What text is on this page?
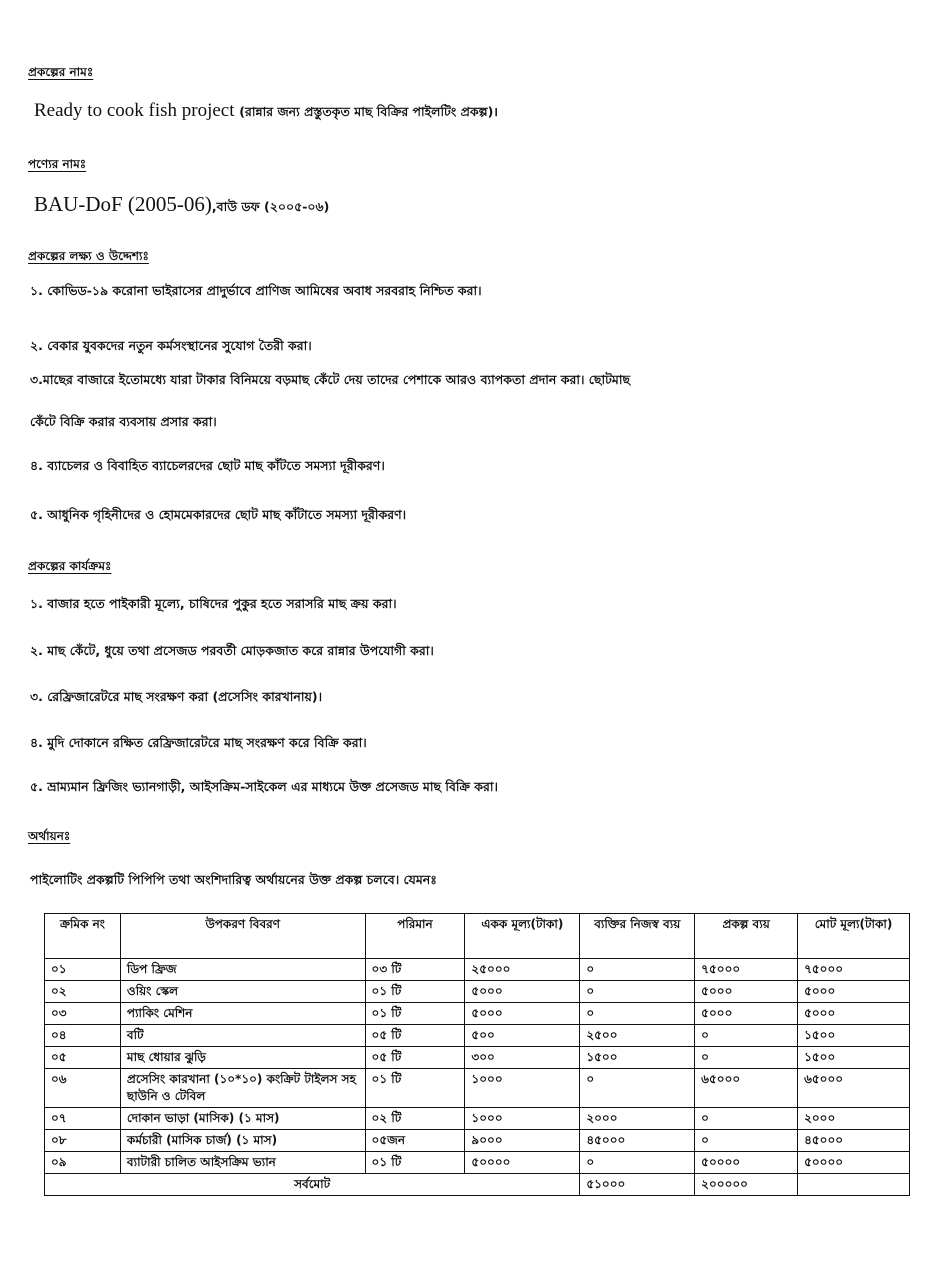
প্রকল্পের নামঃ
Ready to cook fish project (রান্নার জন্য প্রস্তুতকৃত মাছ বিক্রির পাইলটিং প্রকল্প)।
পণ্যের নামঃ
BAU-DoF (2005-06),বাউ ডফ (২০০৫-০৬)
প্রকল্পের লক্ষ্য ও উদ্দেশ্যঃ
১. কোভিড-১৯ করোনা ভাইরাসের প্রাদুর্ভাবে প্রাণিজ আমিষের অবাধ সরবরাহ নিশ্চিত করা।
২. বেকার যুবকদের নতুন কর্মসংস্থানের সুযোগ তৈরী করা।
৩.মাছের বাজারে ইতোমধ্যে যারা টাকার বিনিময়ে বড়মাছ কেঁটে দেয় তাদের পেশাকে আরও ব্যাপকতা প্রদান করা। ছোটমাছ
কেঁটে বিক্রি করার ব্যবসায় প্রসার করা।
৪. ব্যাচেলর ও বিবাহিত ব্যাচেলরদের ছোট মাছ কাঁটতে সমস্যা দূরীকরণ।
৫. আধুনিক গৃহিনীদের ও হোমমেকারদের ছোট মাছ কাঁটাতে সমস্যা দূরীকরণ।
প্রকল্পের কার্যক্রমঃ
১. বাজার হতে পাইকারী মূল্যে, চাষিদের পুকুর হতে সরাসরি মাছ ক্রয় করা।
২. মাছ কেঁটে, ধুয়ে তথা প্রসেজড পরবর্তী মোড়কজাত করে রান্নার উপযোগী করা।
৩. রেফ্রিজারেটরে মাছ সংরক্ষণ করা (প্রসেসিং কারখানায়)।
৪. মুদি দোকানে রক্ষিত রেফ্রিজারেটরে মাছ সংরক্ষণ করে বিক্রি করা।
৫. ভ্রাম্যমান ফ্রিজিং ভ্যানগাড়ী, আইসক্রিম-সাইকেল এর মাধ্যমে উক্ত প্রসেজড মাছ বিক্রি করা।
অর্থায়নঃ
পাইলোটিং প্রকল্পটি পিপিপি তথা অংশিদারিত্ব অর্থায়নের উক্ত প্রকল্প চলবে। যেমনঃ
ক্রমিক নং	উপকরণ বিবরণ	পরিমান	একক মূল্য(টাকা)	ব্যক্তির নিজস্ব ব্যয়	প্রকল্প ব্যয়	মোট মূল্য(টাকা)
০১	ডিপ ফ্রিজ	০৩ টি	২৫০০০	০	৭৫০০০	৭৫০০০
০২	ওয়িং স্কেল	০১ টি	৫০০০	০	৫০০০	৫০০০
০৩	প্যাকিং মেশিন	০১ টি	৫০০০	০	৫০০০	৫০০০
০৪	বটি	০৫ টি	৫০০	২৫০০	০	১৫০০
০৫	মাছ ধোয়ার ঝুড়ি	০৫ টি	৩০০	১৫০০	০	১৫০০
০৬	প্রসেসিং কারখানা (১০*১০) কংক্রিট টাইলস সহ ছাউনি ও টেবিল	০১ টি	১০০০	০	৬৫০০০	৬৫০০০
০৭	দোকান ভাড়া (মাসিক) (১ মাস)	০২ টি	১০০০	২০০০	০	২০০০
০৮	কর্মচারী (মাসিক চার্জ) (১ মাস)	০৫জন	৯০০০	৪৫০০০	০	৪৫০০০
০৯	ব্যাটারী চালিত আইসক্রিম ভ্যান	০১ টি	৫০০০০	০	৫০০০০	৫০০০০
সর্বমোট				৫১০০০	২০০০০০	
